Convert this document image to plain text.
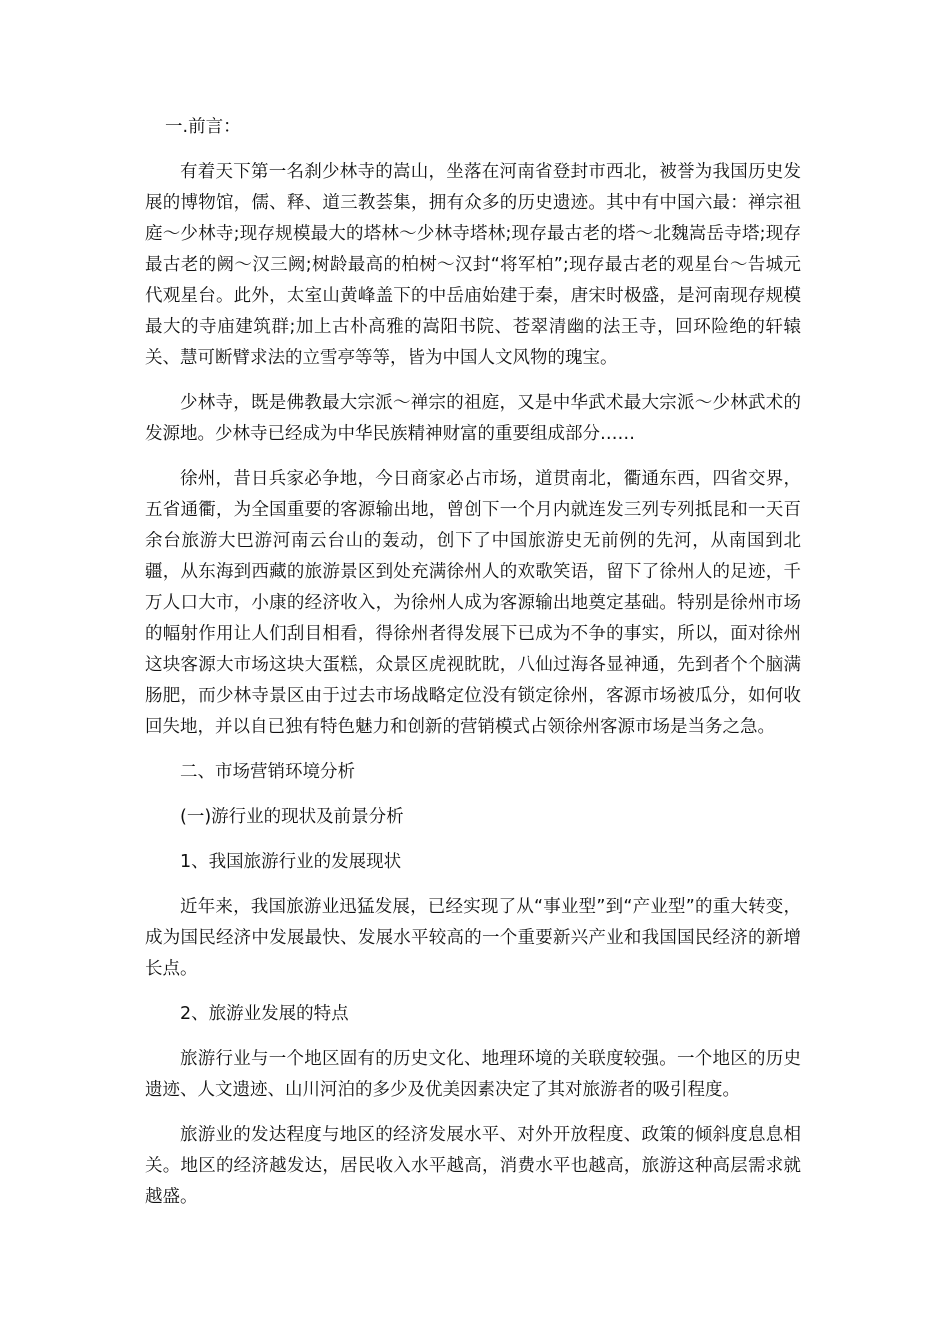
一.前言：

有着天下第一名刹少林寺的嵩山，坐落在河南省登封市西北，被誉为我国历史发展的博物馆，儒、释、道三教荟集，拥有众多的历史遗迹。其中有中国六最：禅宗祖庭～少林寺;现存规模最大的塔林～少林寺塔林;现存最古老的塔～北魏嵩岳寺塔;现存最古老的阙～汉三阙;树龄最高的柏树～汉封“将军柏”;现存最古老的观星台～告城元代观星台。此外，太室山黄峰盖下的中岳庙始建于秦，唐宋时极盛，是河南现存规模最大的寺庙建筑群;加上古朴高雅的嵩阳书院、苍翠清幽的法王寺，回环险绝的轩辕关、慧可断臂求法的立雪亭等等，皆为中国人文风物的瑰宝。

少林寺，既是佛教最大宗派～禅宗的祖庭，又是中华武术最大宗派～少林武术的发源地。少林寺已经成为中华民族精神财富的重要组成部分……

徐州，昔日兵家必争地，今日商家必占市场，道贯南北，衢通东西，四省交界，五省通衢，为全国重要的客源输出地，曾创下一个月内就连发三列专列抵昆和一天百余台旅游大巴游河南云台山的轰动，创下了中国旅游史无前例的先河，从南国到北疆，从东海到西藏的旅游景区到处充满徐州人的欢歌笑语，留下了徐州人的足迹，千万人口大市，小康的经济收入，为徐州人成为客源输出地奠定基础。特别是徐州市场的幅射作用让人们刮目相看，得徐州者得发展下已成为不争的事实，所以，面对徐州这块客源大市场这块大蛋糕，众景区虎视眈眈，八仙过海各显神通，先到者个个脑满肠肥，而少林寺景区由于过去市场战略定位没有锁定徐州，客源市场被瓜分，如何收回失地，并以自已独有特色魅力和创新的营销模式占领徐州客源市场是当务之急。

二、市场营销环境分析

(一)游行业的现状及前景分析

1、我国旅游行业的发展现状

近年来，我国旅游业迅猛发展，已经实现了从“事业型”到“产业型”的重大转变，成为国民经济中发展最快、发展水平较高的一个重要新兴产业和我国国民经济的新增长点。

2、旅游业发展的特点

旅游行业与一个地区固有的历史文化、地理环境的关联度较强。一个地区的历史遗迹、人文遗迹、山川河泊的多少及优美因素决定了其对旅游者的吸引程度。

旅游业的发达程度与地区的经济发展水平、对外开放程度、政策的倾斜度息息相关。地区的经济越发达，居民收入水平越高，消费水平也越高，旅游这种高层需求就越盛。
